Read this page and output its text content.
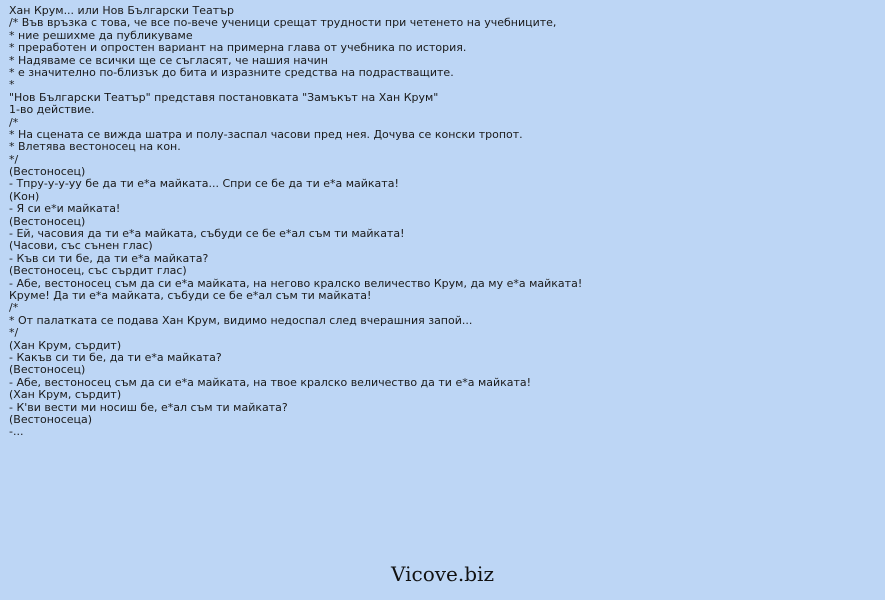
Хан Крум... или Нов Български Театър
/* Във връзка с това, че все по-вече ученици срещат трудности при четенето на учебниците,
* ние решихме да публикуваме
* преработен и опростен вариант на примерна глава от учебника по история.
* Надяваме се всички ще се съгласят, че нашия начин
* е значително по-близък до бита и изразните средства на подрастващите.
*
"Нов Български Театър" представя постановката "Замъкът на Хан Крум"
1-во действие.
/*
* На сцената се вижда шатра и полу-заспал часови пред нея. Дочува се конски тропот.
* Влетява вестоносец на кон.
*/
(Вестоносец)
- Тпру-у-у-уу бе да ти е*а майката... Спри се бе да ти е*а майката!
(Кон)
- Я си е*и майката!
(Вестоносец)
- Ей, часовия да ти е*а майката, събуди се бе е*ал съм ти майката!
(Часови, със сънен глас)
- Къв си ти бе, да ти е*а майката?
(Вестоносец, със сърдит глас)
- Абе, вестоносец съм да си е*а майката, на негово кралско величество Крум, да му е*а майката!
Круме! Да ти е*а майката, събуди се бе е*ал съм ти майката!
/*
* От палатката се подава Хан Крум, видимо недоспал след вчерашния запой...
*/
(Хан Крум, сърдит)
- Какъв си ти бе, да ти е*а майката?
(Вестоносец)
- Абе, вестоносец съм да си е*а майката, на твое кралско величество да ти е*а майката!
(Хан Крум, сърдит)
- К'ви вести ми носиш бе, е*ал съм ти майката?
(Вестоносеца)
-...
Vicove.biz
